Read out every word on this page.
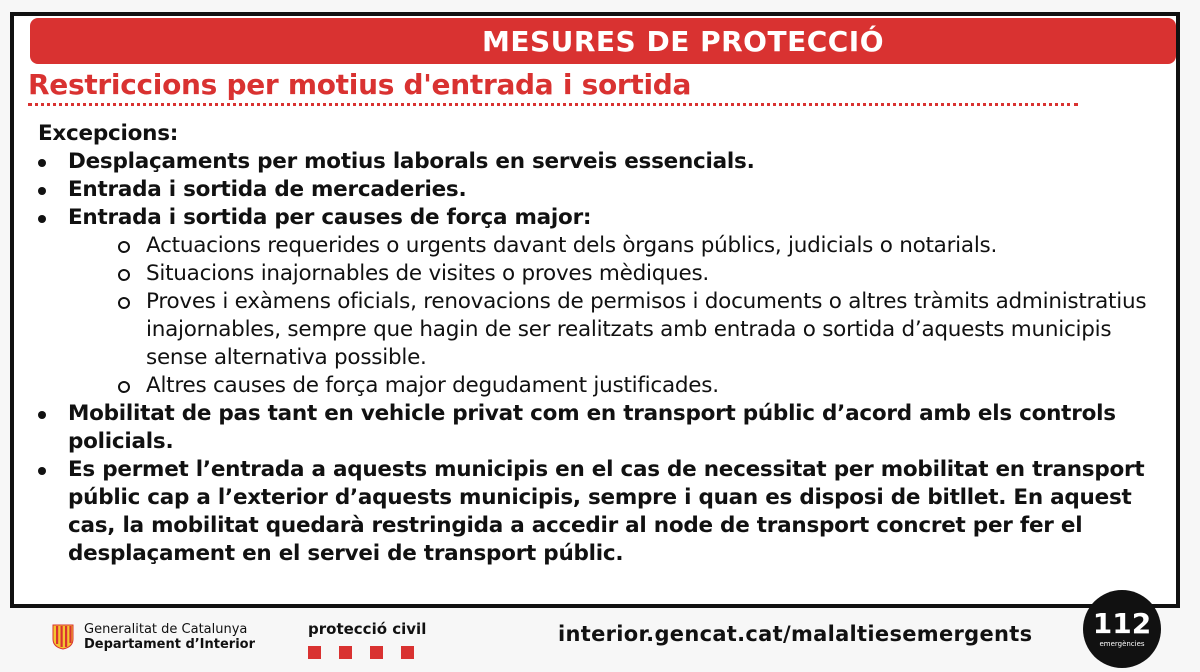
MESURES DE PROTECCIÓ
Restriccions per motius d'entrada i sortida

Excepcions:

Desplaçaments per motius laborals en serveis essencials.
Entrada i sortida de mercaderies.
Entrada i sortida per causes de força major:
Actuacions requerides o urgents davant dels òrgans públics, judicials o notarials.
Situacions inajornables de visites o proves mèdiques.
Proves i exàmens oficials, renovacions de permisos i documents o altres tràmits administratius inajornables, sempre que hagin de ser realitzats amb entrada o sortida d’aquests municipis sense alternativa possible.
Altres causes de força major degudament justificades.
Mobilitat de pas tant en vehicle privat com en transport públic d’acord amb els controls policials.
Es permet l’entrada a aquests municipis en el cas de necessitat per mobilitat en transport públic cap a l’exterior d’aquests municipis, sempre i quan es disposi de bitllet. En aquest cas, la mobilitat quedarà restringida a accedir al node de transport concret per fer el desplaçament en el servei de transport públic.
Generalitat de Catalunya
Departament d’Interior
protecció civil	interior.gencat.cat/malaltiesemergents 112
emergències
